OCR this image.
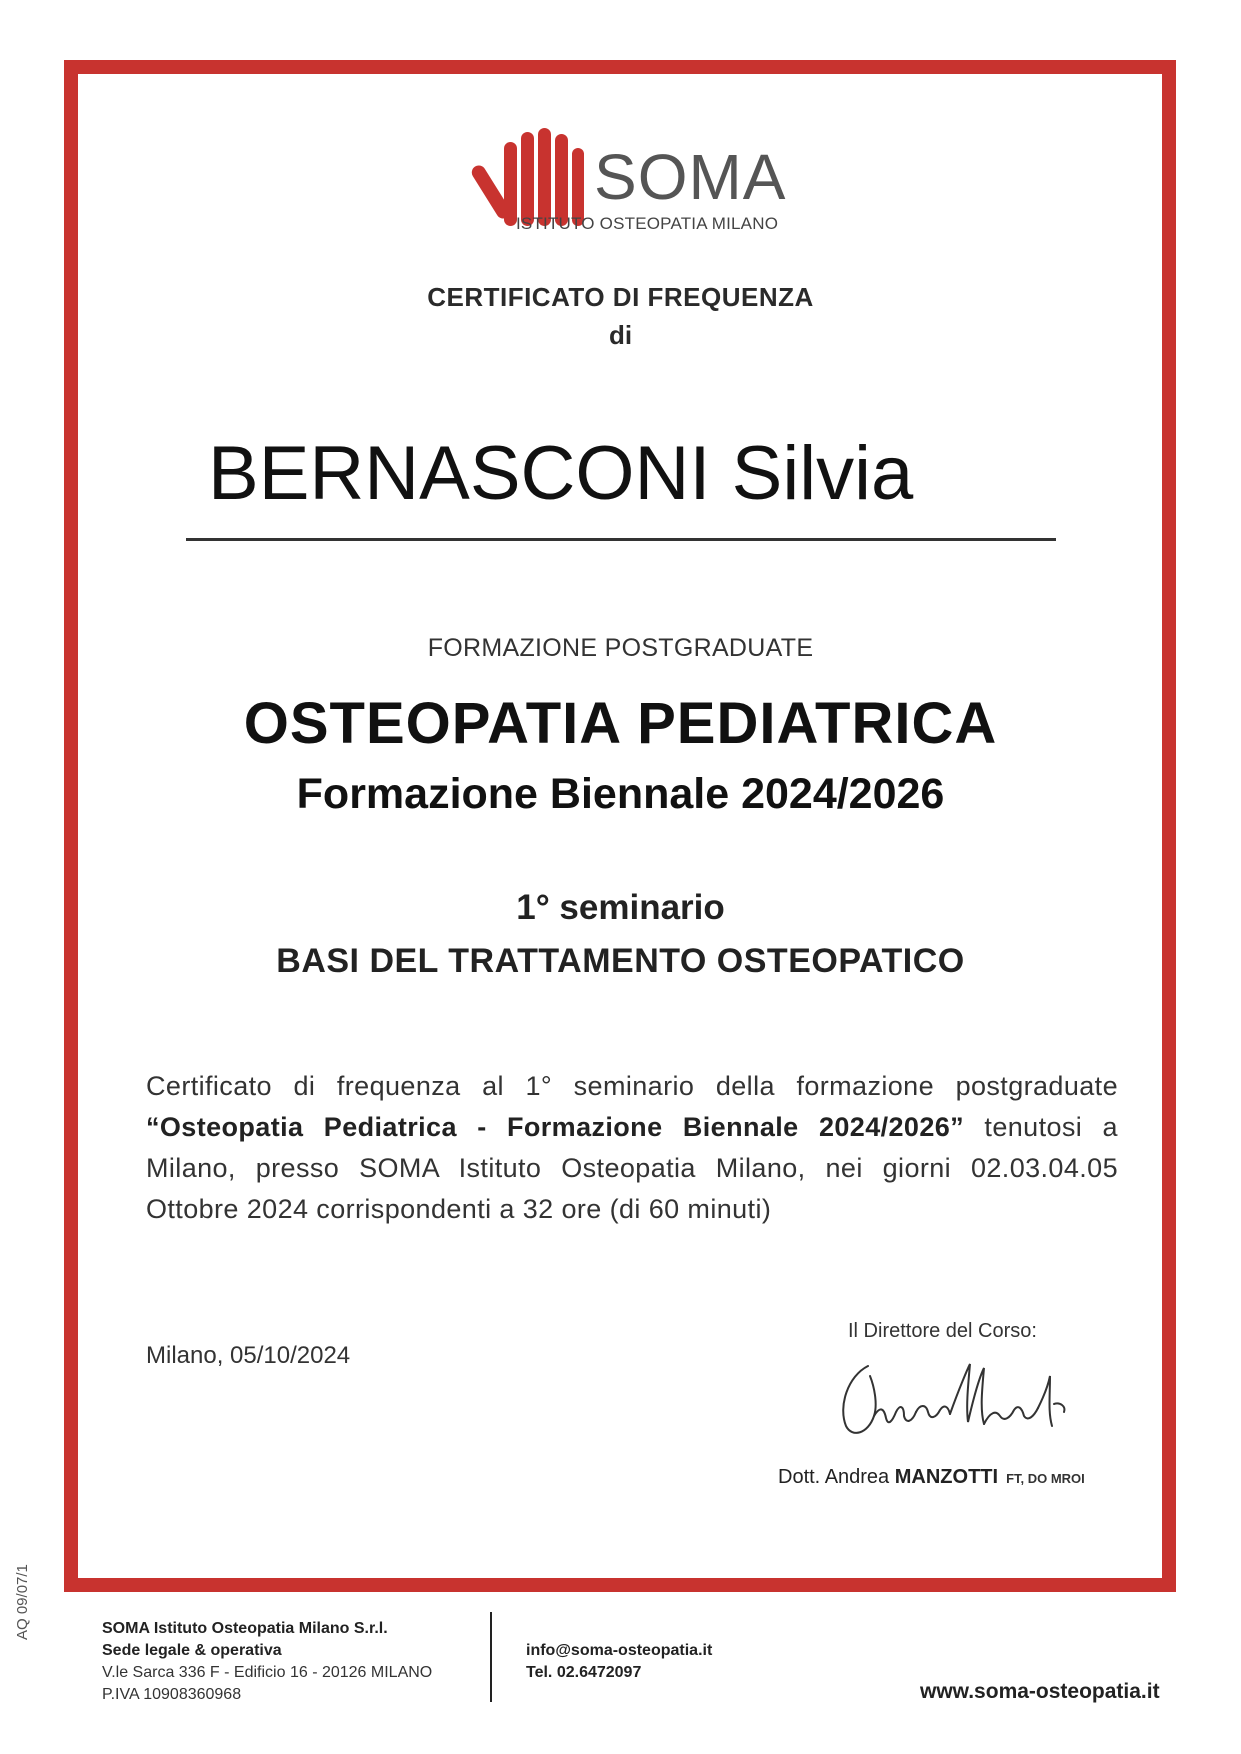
SOMA
ISTITUTO OSTEOPATIA MILANO
CERTIFICATO DI FREQUENZA
di
BERNASCONI Silvia
FORMAZIONE POSTGRADUATE
OSTEOPATIA PEDIATRICA
Formazione Biennale 2024/2026
1° seminario
BASI DEL TRATTAMENTO OSTEOPATICO
Certificato di frequenza al 1° seminario della formazione postgraduate “Osteopatia Pediatrica - Formazione Biennale 2024/2026” tenutosi a Milano, presso SOMA Istituto Osteopatia Milano, nei giorni 02.03.04.05 Ottobre 2024 corrispondenti a 32 ore (di 60 minuti)
Milano, 05/10/2024
Il Direttore del Corso:
Dott. Andrea MANZOTTI FT, DO MROI
AQ 09/07/1	SOMA Istituto Osteopatia Milano S.r.l.
Sede legale & operativa
V.le Sarca 336 F - Edificio 16 - 20126 MILANO
P.IVA 10908360968
info@soma-osteopatia.it
Tel. 02.6472097
www.soma-osteopatia.it
